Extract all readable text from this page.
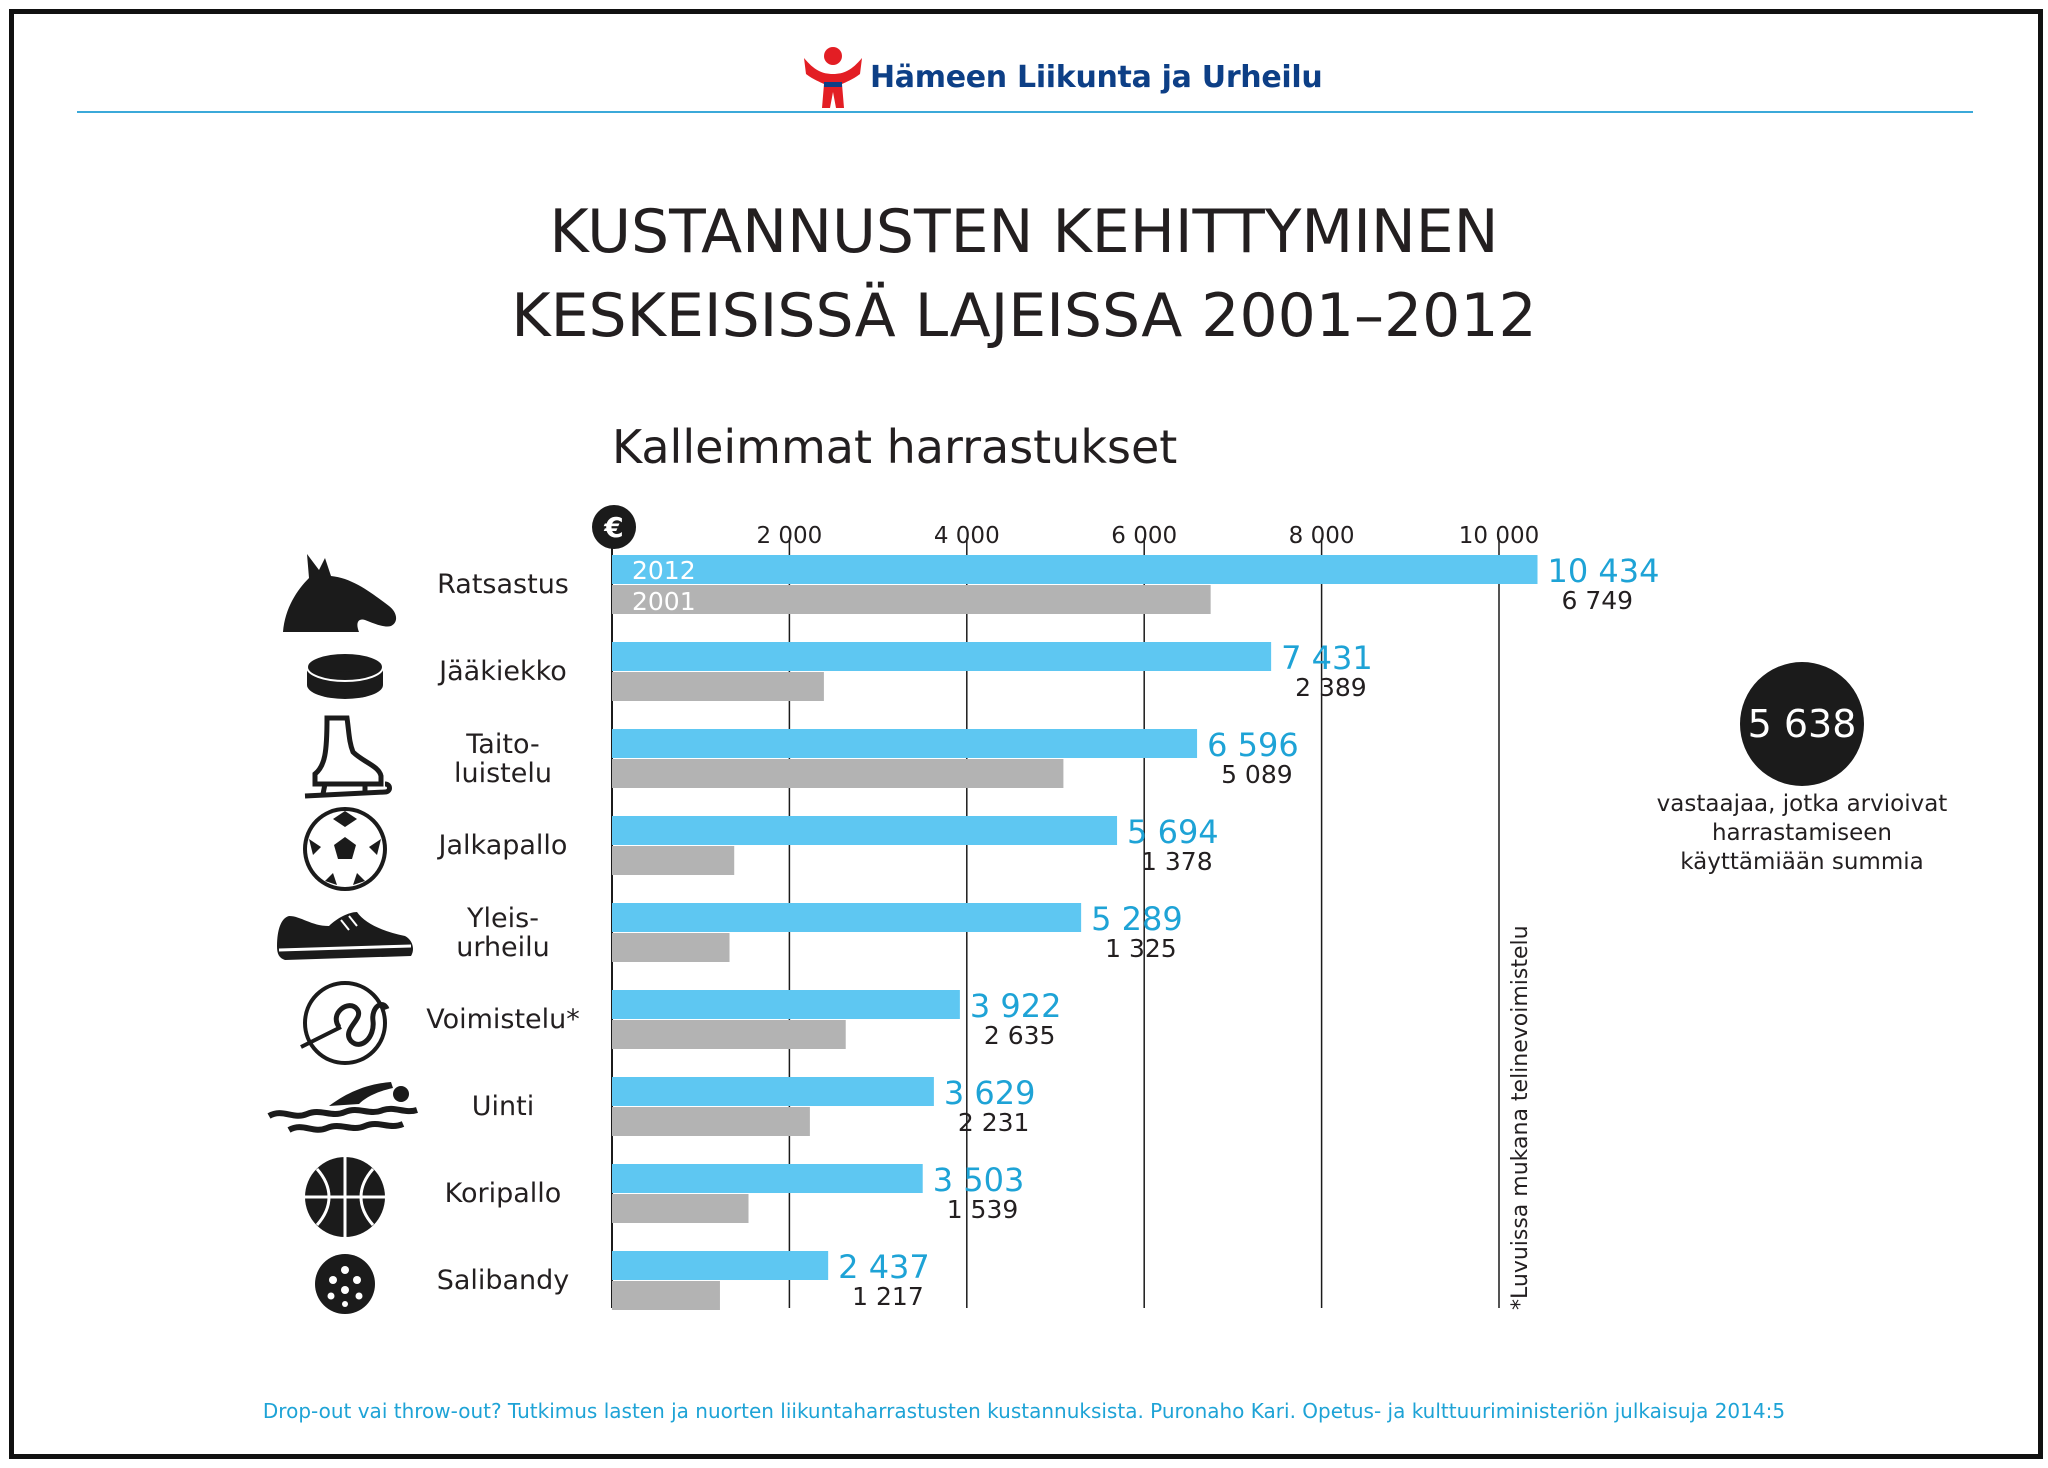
Hämeen Liikunta ja Urheilu
KUSTANNUSTEN KEHITTYMINEN
KESKEISISSÄ LAJEISSA 2001–2012
Kalleimmat harrastukset
€	2 000	4 000	6 000	8 000	10 000
10 434
6 749
Ratsastus
7 431
2 389
Jääkiekko
6 596
5 089
Taito-
luistelu
5 694
1 378
Jalkapallo
5 289
1 325
Yleis-
urheilu
3 922
2 635
Voimistelu*
3 629
2 231
Uinti
3 503
1 539
Koripallo
2 437
1 217
Salibandy
2012
2001
5 638
vastaajaa, jotka arvioivat
harrastamiseen
käyttämiään summia
*Luvuissa mukana telinevoimistelu
Drop-out vai throw-out? Tutkimus lasten ja nuorten liikuntaharrastusten kustannuksista. Puronaho Kari. Opetus- ja kulttuuriministeriön julkaisuja 2014:5
